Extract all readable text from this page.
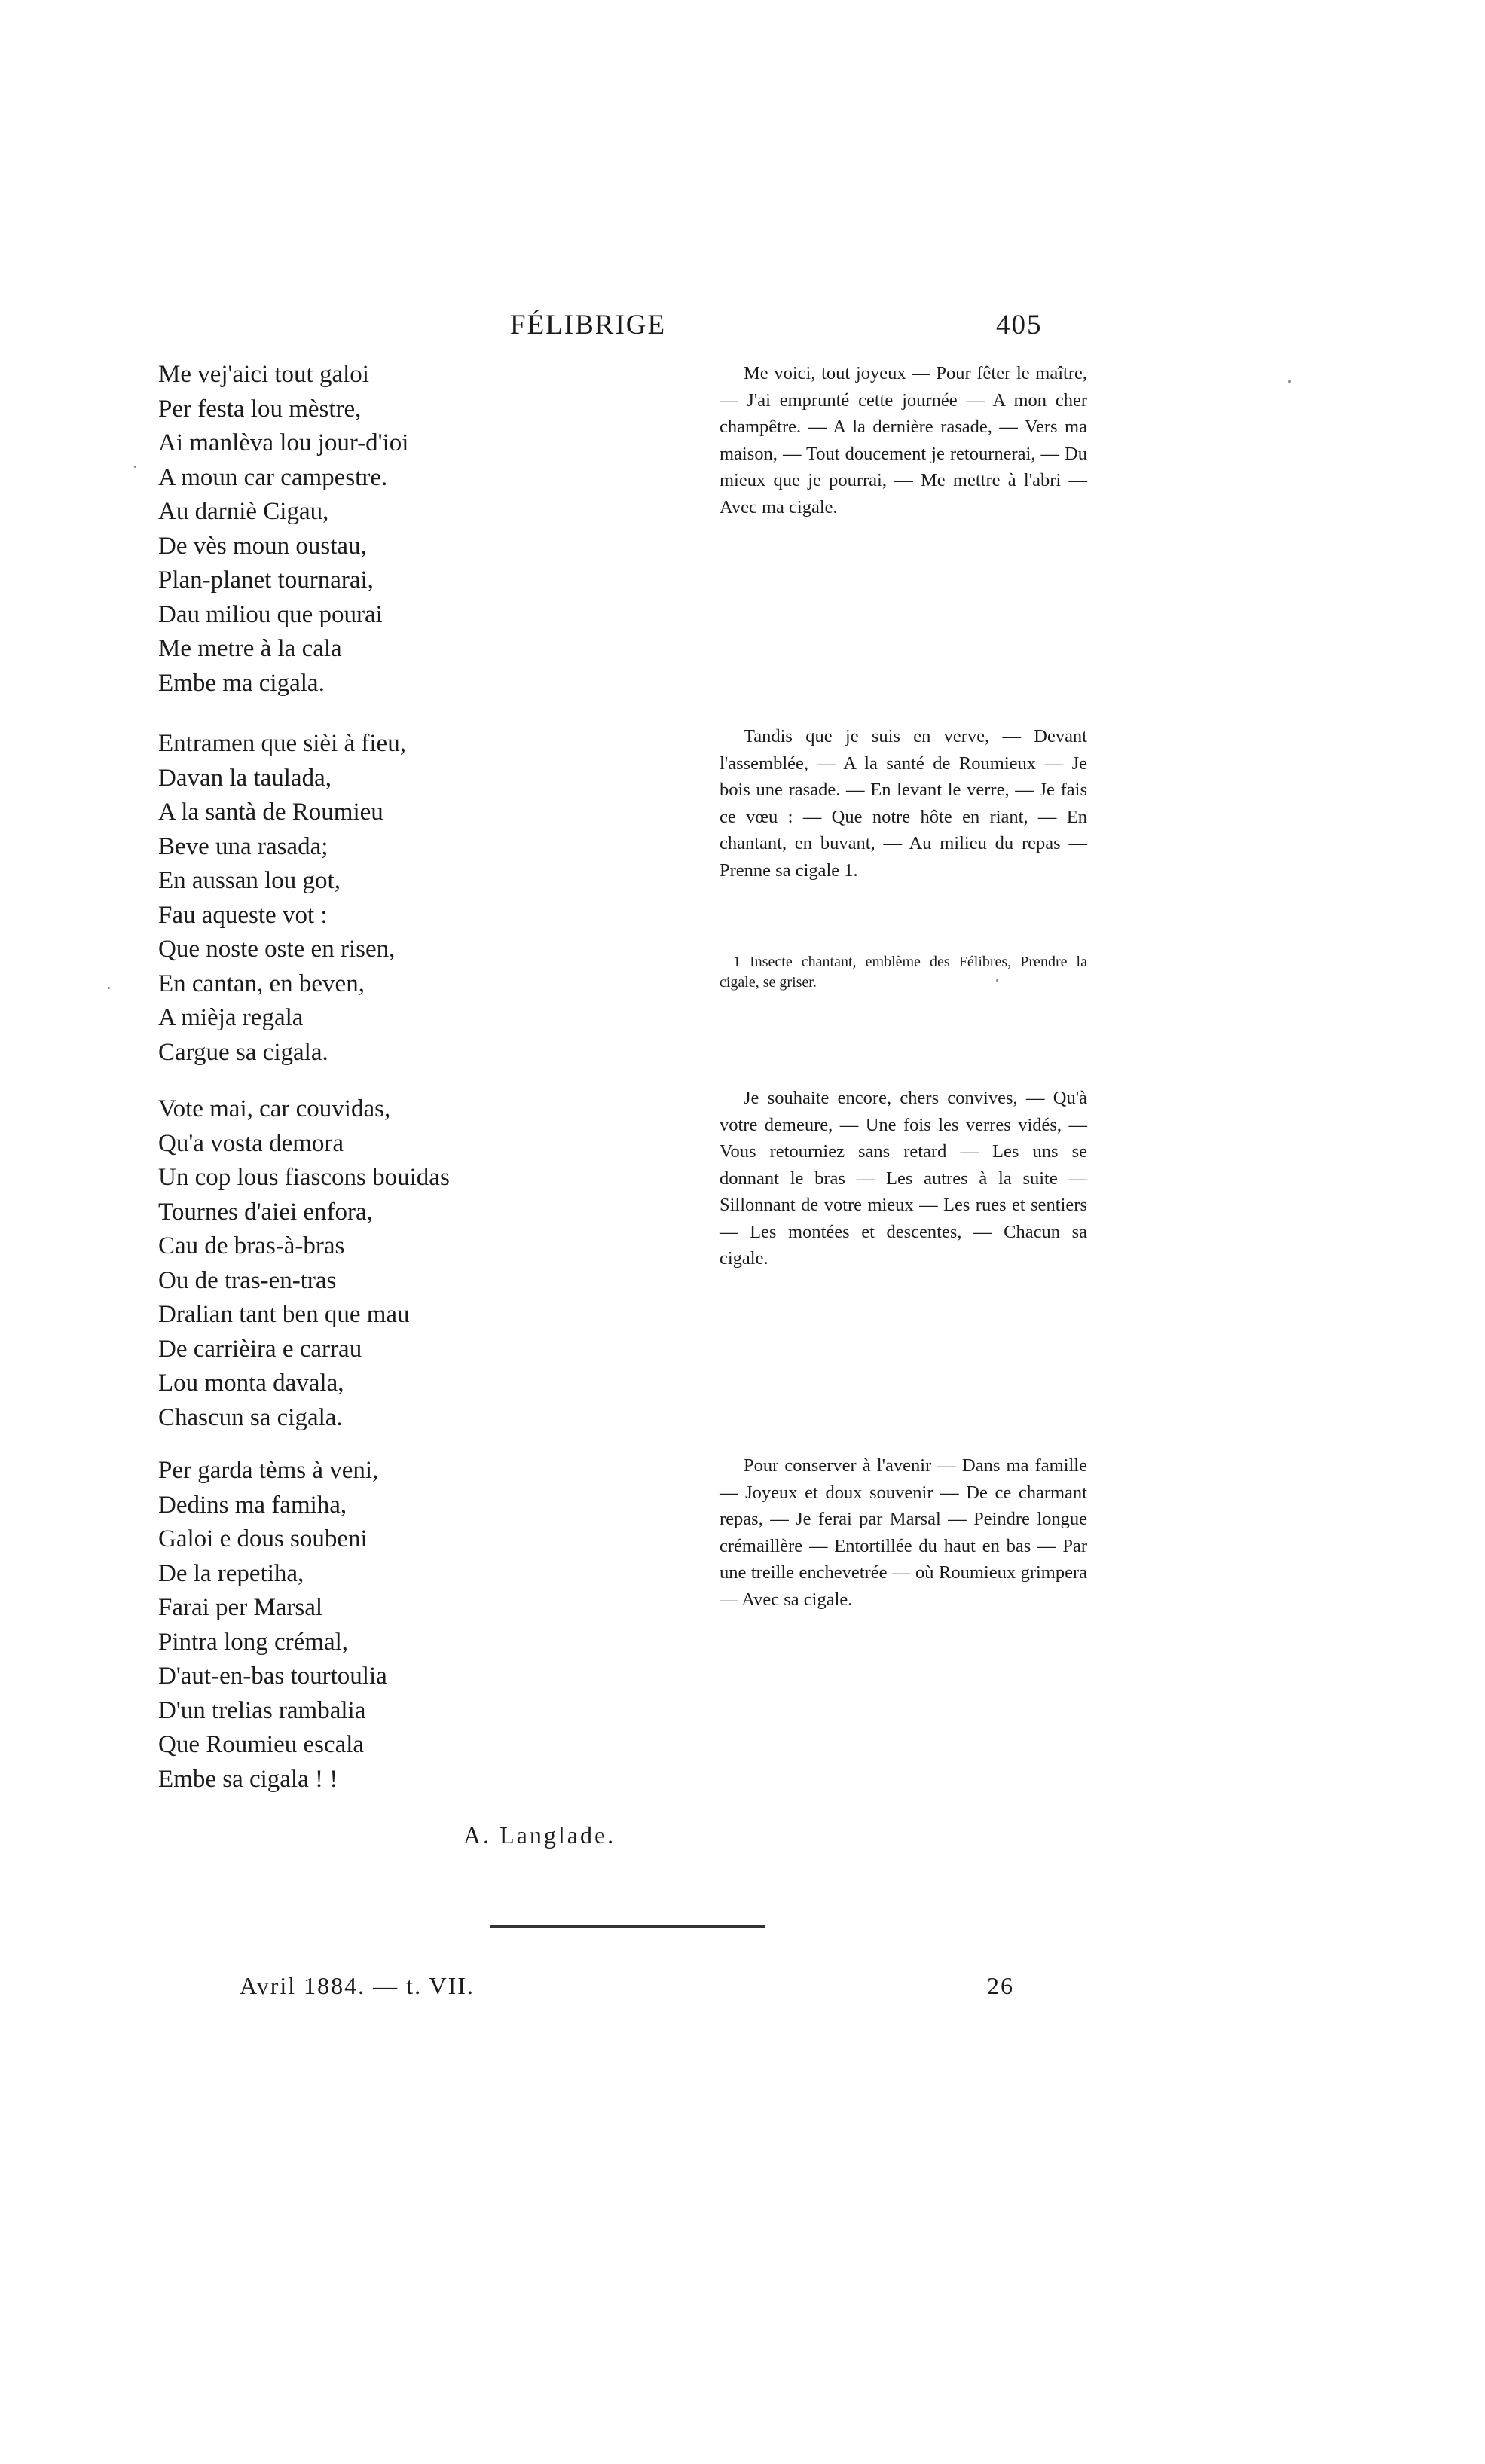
FÉLIBRIGE	405
Me vej'aici tout galoi
Per festa lou mèstre,
Ai manlèva lou jour-d'ioi
A moun car campestre.
Au darniè Cigau,
De vès moun oustau,
Plan-planet tournarai,
Dau miliou que pourai
Me metre à la cala
Embe ma cigala.
Entramen que sièi à fieu,
Davan la taulada,
A la santà de Roumieu
Beve una rasada;
En aussan lou got,
Fau aqueste vot :
Que noste oste en risen,
En cantan, en beven,
A mièja regala
Cargue sa cigala.
Vote mai, car couvidas,
Qu'a vosta demora
Un cop lous fiascons bouidas
Tournes d'aiei enfora,
Cau de bras-à-bras
Ou de tras-en-tras
Dralian tant ben que mau
De carrièira e carrau
Lou monta davala,
Chascun sa cigala.
Per garda tèms à veni,
Dedins ma famiha,
Galoi e dous soubeni
De la repetiha,
Farai per Marsal
Pintra long crémal,
D'aut-en-bas tourtoulia
D'un trelias rambalia
Que Roumieu escala
Embe sa cigala ! !
Me voici, tout joyeux — Pour fêter le maître, — J'ai emprunté cette journée — A mon cher champêtre. — A la dernière rasade, — Vers ma maison, — Tout doucement je retournerai, — Du mieux que je pourrai, — Me mettre à l'abri — Avec ma cigale.
Tandis que je suis en verve, — Devant l'assemblée, — A la santé de Roumieux — Je bois une rasade. — En levant le verre, — Je fais ce vœu : — Que notre hôte en riant, — En chantant, en buvant, — Au milieu du repas — Prenne sa cigale 1.
1 Insecte chantant, emblème des Félibres, Prendre la cigale, se griser.
Je souhaite encore, chers convives, — Qu'à votre demeure, — Une fois les verres vidés, — Vous retourniez sans retard — Les uns se donnant le bras — Les autres à la suite — Sillonnant de votre mieux — Les rues et sentiers — Les montées et descentes, — Chacun sa cigale.
Pour conserver à l'avenir — Dans ma famille — Joyeux et doux souvenir — De ce charmant repas, — Je ferai par Marsal — Peindre longue crémaillère — Entortillée du haut en bas — Par une treille enchevetrée — où Roumieux grimpera — Avec sa cigale.
A. Langlade.
Avril 1884. — t. VII.	26
